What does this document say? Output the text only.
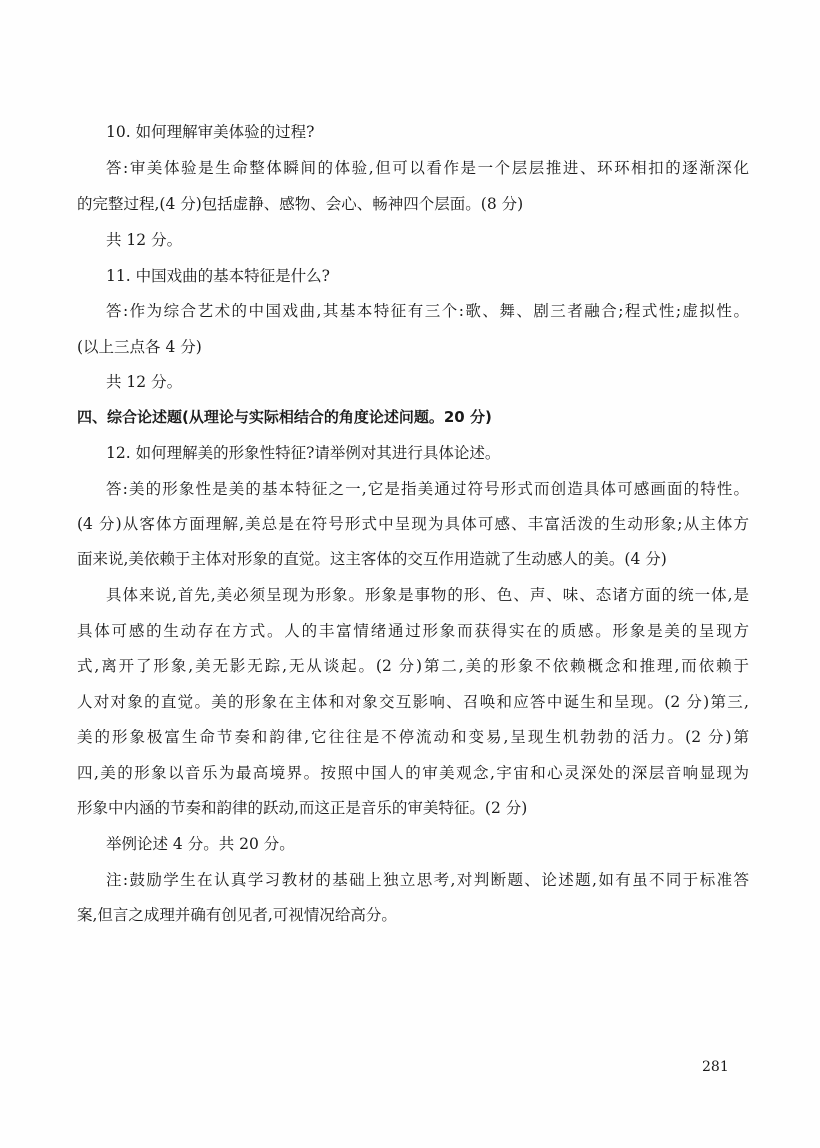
10. 如何理解审美体验的过程?
答:审美体验是生命整体瞬间的体验,但可以看作是一个层层推进、环环相扣的逐渐深化
的完整过程,(4 分)包括虚静、感物、会心、畅神四个层面。(8 分)
共 12 分。
11. 中国戏曲的基本特征是什么?
答:作为综合艺术的中国戏曲,其基本特征有三个:歌、舞、剧三者融合;程式性;虚拟性。
(以上三点各 4 分)
共 12 分。
四、综合论述题(从理论与实际相结合的角度论述问题。20 分)
12. 如何理解美的形象性特征?请举例对其进行具体论述。
答:美的形象性是美的基本特征之一,它是指美通过符号形式而创造具体可感画面的特性。
(4 分)从客体方面理解,美总是在符号形式中呈现为具体可感、丰富活泼的生动形象;从主体方
面来说,美依赖于主体对形象的直觉。这主客体的交互作用造就了生动感人的美。(4 分)
具体来说,首先,美必须呈现为形象。形象是事物的形、色、声、味、态诸方面的统一体,是
具体可感的生动存在方式。人的丰富情绪通过形象而获得实在的质感。形象是美的呈现方
式,离开了形象,美无影无踪,无从谈起。(2 分)第二,美的形象不依赖概念和推理,而依赖于
人对对象的直觉。美的形象在主体和对象交互影响、召唤和应答中诞生和呈现。(2 分)第三,
美的形象极富生命节奏和韵律,它往往是不停流动和变易,呈现生机勃勃的活力。(2 分)第
四,美的形象以音乐为最高境界。按照中国人的审美观念,宇宙和心灵深处的深层音响显现为
形象中内涵的节奏和韵律的跃动,而这正是音乐的审美特征。(2 分)
举例论述 4 分。共 20 分。
注:鼓励学生在认真学习教材的基础上独立思考,对判断题、论述题,如有虽不同于标准答
案,但言之成理并确有创见者,可视情况给高分。
281
